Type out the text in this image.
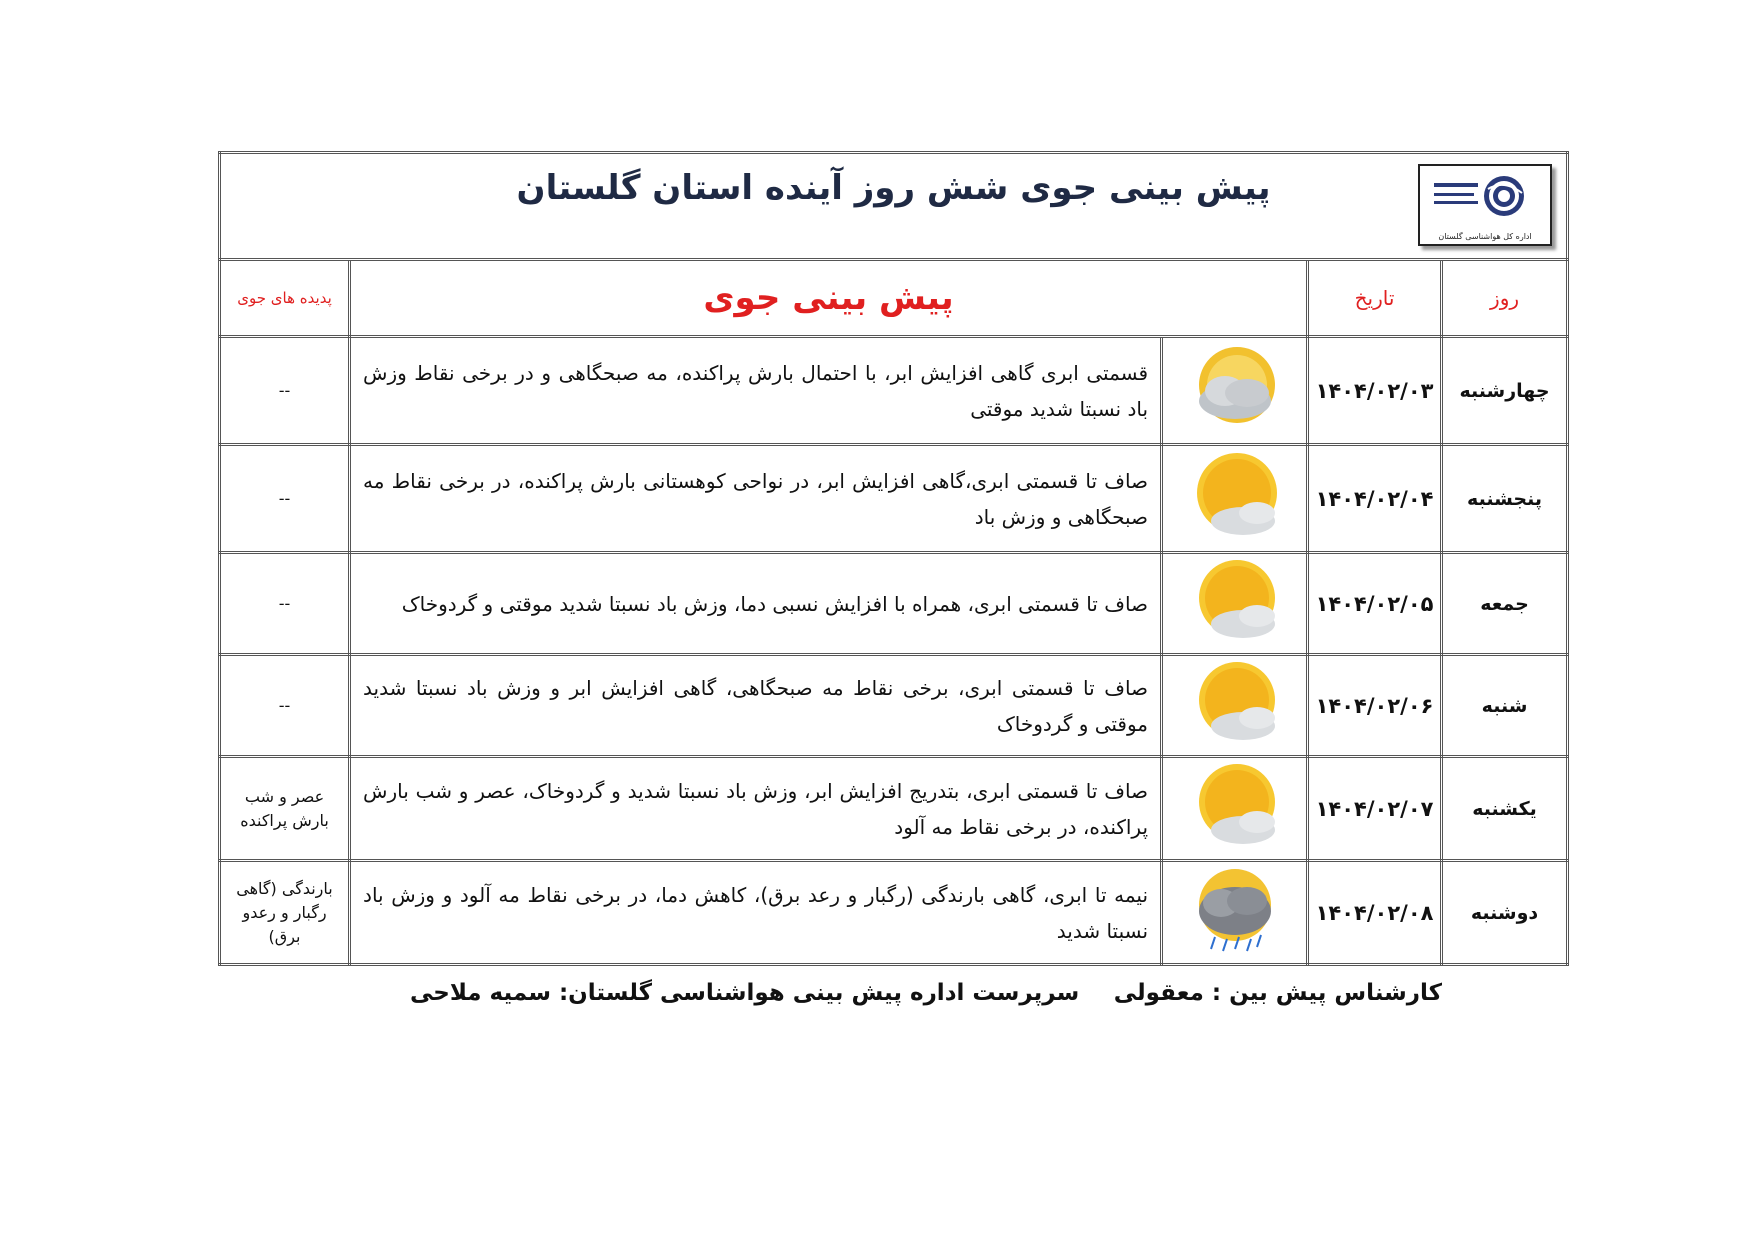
اداره کل هواشناسی گلستان
پیش بینی جوی شش روز آینده استان گلستان				

روز	تاریخ	پیش بینی جوی		پدیده های جوی

چهارشنبه	۱۴۰۴/۰۲/۰۳		قسمتی ابری گاهی افزایش ابر، با احتمال بارش پراکنده، مه صبحگاهی و در برخی نقاط وزش باد نسبتا شدید موقتی	--
پنجشنبه	۱۴۰۴/۰۲/۰۴		صاف تا قسمتی ابری،گاهی افزایش ابر، در نواحی کوهستانی بارش پراکنده، در برخی نقاط مه صبحگاهی و وزش باد	--
جمعه	۱۴۰۴/۰۲/۰۵		صاف تا قسمتی ابری، همراه با افزایش نسبی دما، وزش باد نسبتا شدید موقتی و گردوخاک	--
شنبه	۱۴۰۴/۰۲/۰۶		صاف تا قسمتی ابری، برخی نقاط مه صبحگاهی، گاهی افزایش ابر و وزش باد نسبتا شدید موقتی و گردوخاک	--
یکشنبه	۱۴۰۴/۰۲/۰۷		صاف تا قسمتی ابری، بتدریج افزایش ابر، وزش باد نسبتا شدید و گردوخاک، عصر و شب بارش پراکنده، در برخی نقاط مه آلود	عصر و شب بارش پراکنده
دوشنبه	۱۴۰۴/۰۲/۰۸		نیمه تا ابری، گاهی بارندگی (رگبار و رعد برق)، کاهش دما، در برخی نقاط مه آلود و وزش باد نسبتا شدید	بارندگی (گاهی رگبار و رعدو برق)
کارشناس پیش بین : معقولی
سرپرست اداره پیش بینی هواشناسی گلستان: سمیه ملاحی
